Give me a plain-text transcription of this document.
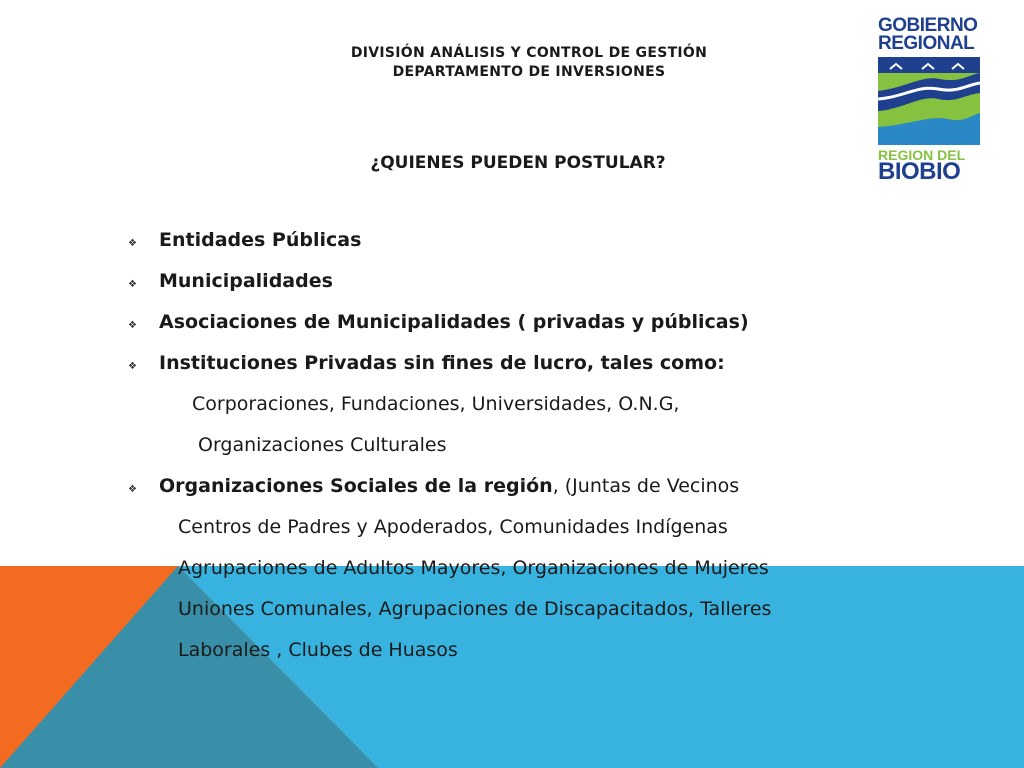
DIVISIÓN ANÁLISIS Y CONTROL DE GESTIÓN
DEPARTAMENTO DE INVERSIONES
GOBIERNO
REGIONAL
REGION DEL
BIOBIO
¿QUIENES PUEDEN POSTULAR?
❖ Entidades Públicas
❖ Municipalidades
❖ Asociaciones de Municipalidades ( privadas y públicas)
❖ Instituciones Privadas sin fines de lucro, tales como:
Corporaciones, Fundaciones, Universidades, O.N.G,
Organizaciones Culturales
❖ Organizaciones Sociales de la región, (Juntas de Vecinos
Centros de Padres y Apoderados, Comunidades Indígenas
Agrupaciones de Adultos Mayores, Organizaciones de Mujeres
Uniones Comunales, Agrupaciones de Discapacitados, Talleres
Laborales , Clubes de Huasos
